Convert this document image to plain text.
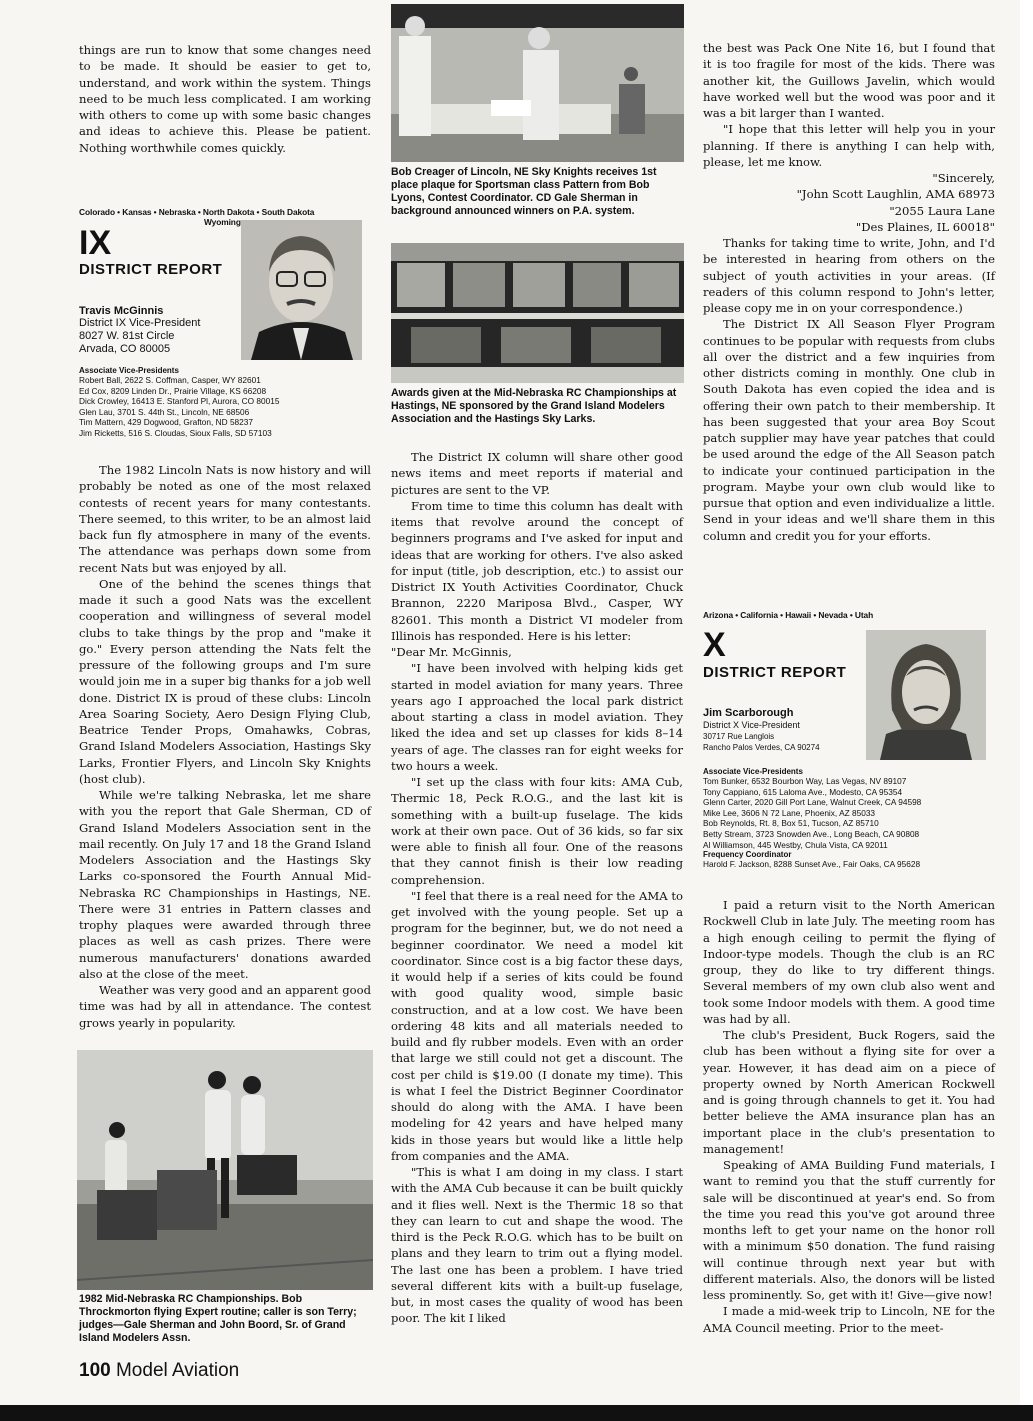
things are run to know that some changes need to be made. It should be easier to get to, understand, and work within the system. Things need to be much less complicated. I am working with others to come up with some basic changes and ideas to achieve this. Please be patient. Nothing worthwhile comes quickly.

Colorado • Kansas • Nebraska • North Dakota • South Dakota
Wyoming
IX
DISTRICT REPORT
Travis McGinnis
District IX Vice-President
8027 W. 81st Circle
Arvada, CO 80005
Associate Vice-Presidents
Robert Ball, 2622 S. Coffman, Casper, WY 82601
Ed Cox, 8209 Linden Dr., Prairie Village, KS 66208
Dick Crowley, 16413 E. Stanford Pl, Aurora, CO 80015
Glen Lau, 3701 S. 44th St., Lincoln, NE 68506
Tim Mattern, 429 Dogwood, Grafton, ND 58237
Jim Ricketts, 516 S. Cloudas, Sioux Falls, SD 57103

The 1982 Lincoln Nats is now history and will probably be noted as one of the most relaxed contests of recent years for many contestants. There seemed, to this writer, to be an almost laid back fun fly atmosphere in many of the events. The attendance was perhaps down some from recent Nats but was enjoyed by all.

One of the behind the scenes things that made it such a good Nats was the excellent cooperation and willingness of several model clubs to take things by the prop and "make it go." Every person attending the Nats felt the pressure of the following groups and I'm sure would join me in a super big thanks for a job well done. District IX is proud of these clubs: Lincoln Area Soaring Society, Aero Design Flying Club, Beatrice Tender Props, Omahawks, Cobras, Grand Island Modelers Association, Hastings Sky Larks, Frontier Flyers, and Lincoln Sky Knights (host club).

While we're talking Nebraska, let me share with you the report that Gale Sherman, CD of Grand Island Modelers Association sent in the mail recently. On July 17 and 18 the Grand Island Modelers Association and the Hastings Sky Larks co-sponsored the Fourth Annual Mid-Nebraska RC Championships in Hastings, NE. There were 31 entries in Pattern classes and trophy plaques were awarded through three places as well as cash prizes. There were numerous manufacturers' donations awarded also at the close of the meet.

Weather was very good and an apparent good time was had by all in attendance. The contest grows yearly in popularity.

1982 Mid-Nebraska RC Championships. Bob Throckmorton flying Expert routine; caller is son Terry; judges—Gale Sherman and John Boord, Sr. of Grand Island Modelers Assn.
Bob Creager of Lincoln, NE Sky Knights receives 1st place plaque for Sportsman class Pattern from Bob Lyons, Contest Coordinator. CD Gale Sherman in background announced winners on P.A. system.
Awards given at the Mid-Nebraska RC Championships at Hastings, NE sponsored by the Grand Island Modelers Association and the Hastings Sky Larks.

The District IX column will share other good news items and meet reports if material and pictures are sent to the VP.

From time to time this column has dealt with items that revolve around the concept of beginners programs and I've asked for input and ideas that are working for others. I've also asked for input (title, job description, etc.) to assist our District IX Youth Activities Coordinator, Chuck Brannon, 2220 Mariposa Blvd., Casper, WY 82601. This month a District VI modeler from Illinois has responded. Here is his letter:

"Dear Mr. McGinnis,

"I have been involved with helping kids get started in model aviation for many years. Three years ago I approached the local park district about starting a class in model aviation. They liked the idea and set up classes for kids 8–14 years of age. The classes ran for eight weeks for two hours a week.

"I set up the class with four kits: AMA Cub, Thermic 18, Peck R.O.G., and the last kit is something with a built-up fuselage. The kids work at their own pace. Out of 36 kids, so far six were able to finish all four. One of the reasons that they cannot finish is their low reading comprehension.

"I feel that there is a real need for the AMA to get involved with the young people. Set up a program for the beginner, but, we do not need a beginner coordinator. We need a model kit coordinator. Since cost is a big factor these days, it would help if a series of kits could be found with good quality wood, simple basic construction, and at a low cost. We have been ordering 48 kits and all materials needed to build and fly rubber models. Even with an order that large we still could not get a discount. The cost per child is $19.00 (I donate my time). This is what I feel the District Beginner Coordinator should do along with the AMA. I have been modeling for 42 years and have helped many kids in those years but would like a little help from companies and the AMA.

"This is what I am doing in my class. I start with the AMA Cub because it can be built quickly and it flies well. Next is the Thermic 18 so that they can learn to cut and shape the wood. The third is the Peck R.O.G. which has to be built on plans and they learn to trim out a flying model. The last one has been a problem. I have tried several different kits with a built-up fuselage, but, in most cases the quality of wood has been poor. The kit I liked

the best was Pack One Nite 16, but I found that it is too fragile for most of the kids. There was another kit, the Guillows Javelin, which would have worked well but the wood was poor and it was a bit larger than I wanted.

"I hope that this letter will help you in your planning. If there is anything I can help with, please, let me know.

"Sincerely,

"John Scott Laughlin, AMA 68973

"2055 Laura Lane

"Des Plaines, IL 60018"

Thanks for taking time to write, John, and I'd be interested in hearing from others on the subject of youth activities in your areas. (If readers of this column respond to John's letter, please copy me in on your correspondence.)

The District IX All Season Flyer Program continues to be popular with requests from clubs all over the district and a few inquiries from other districts coming in monthly. One club in South Dakota has even copied the idea and is offering their own patch to their membership. It has been suggested that your area Boy Scout patch supplier may have year patches that could be used around the edge of the All Season patch to indicate your continued participation in the program. Maybe your own club would like to pursue that option and even individualize a little. Send in your ideas and we'll share them in this column and credit you for your efforts.

Arizona • California • Hawaii • Nevada • Utah
X
DISTRICT REPORT
Jim Scarborough
District X Vice-President
30717 Rue Langlois
Rancho Palos Verdes, CA 90274
Associate Vice-Presidents
Tom Bunker, 6532 Bourbon Way, Las Vegas, NV 89107
Tony Cappiano, 615 Laloma Ave., Modesto, CA 95354
Glenn Carter, 2020 Gill Port Lane, Walnut Creek, CA 94598
Mike Lee, 3606 N 72 Lane, Phoenix, AZ 85033
Bob Reynolds, Rt. 8, Box 51, Tucson, AZ 85710
Betty Stream, 3723 Snowden Ave., Long Beach, CA 90808
Al Williamson, 445 Westby, Chula Vista, CA 92011
Frequency Coordinator
Harold F. Jackson, 8288 Sunset Ave., Fair Oaks, CA 95628

I paid a return visit to the North American Rockwell Club in late July. The meeting room has a high enough ceiling to permit the flying of Indoor-type models. Though the club is an RC group, they do like to try different things. Several members of my own club also went and took some Indoor models with them. A good time was had by all.

The club's President, Buck Rogers, said the club has been without a flying site for over a year. However, it has dead aim on a piece of property owned by North American Rockwell and is going through channels to get it. You had better believe the AMA insurance plan has an important place in the club's presentation to management!

Speaking of AMA Building Fund materials, I want to remind you that the stuff currently for sale will be discontinued at year's end. So from the time you read this you've got around three months left to get your name on the honor roll with a minimum $50 donation. The fund raising will continue through next year but with different materials. Also, the donors will be listed less prominently. So, get with it! Give—give now!

I made a mid-week trip to Lincoln, NE for the AMA Council meeting. Prior to the meet-

100 Model Aviation
